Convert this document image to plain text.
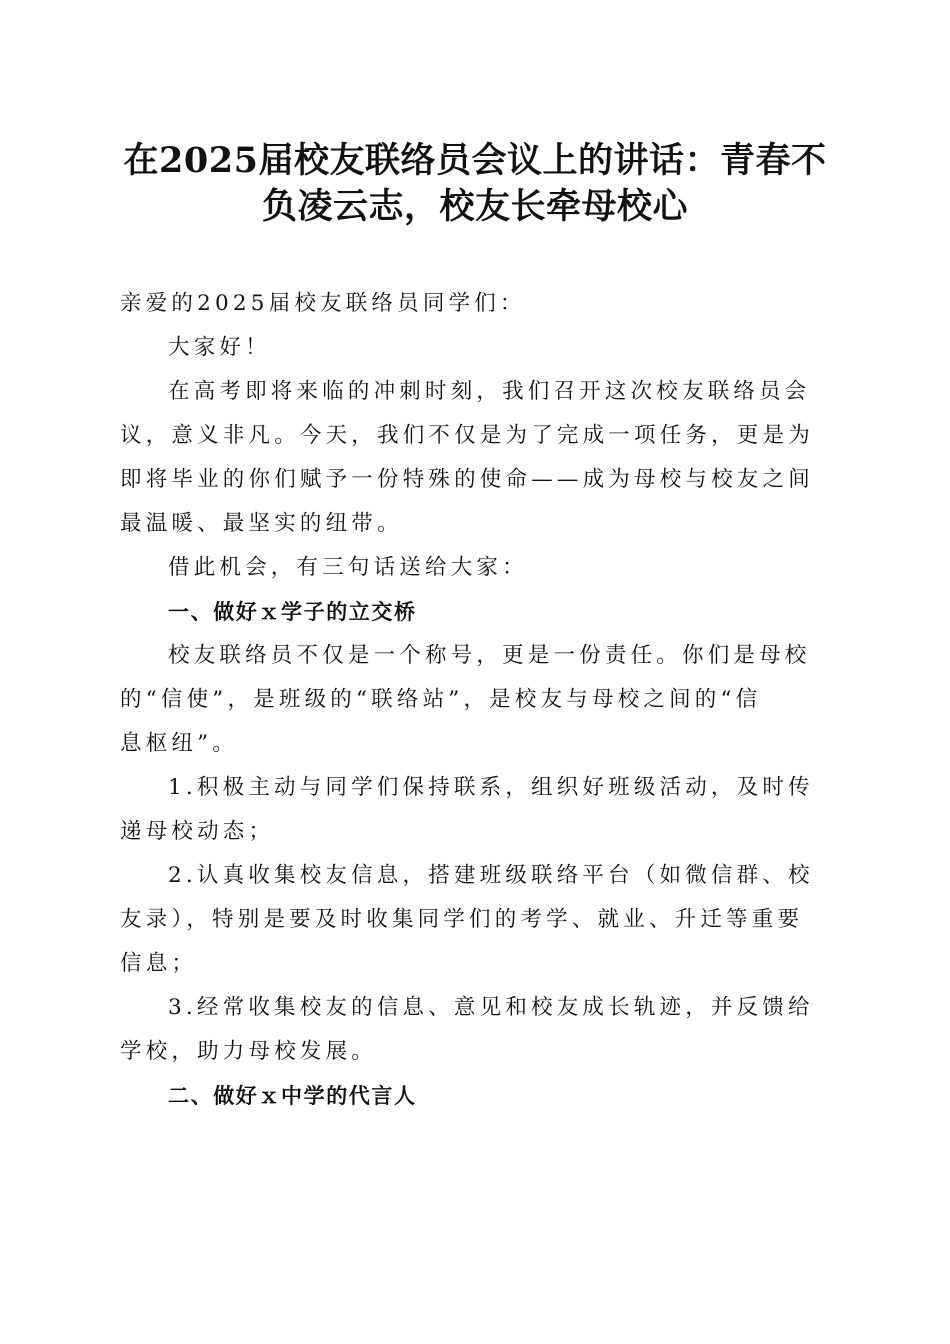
在2025届校友联络员会议上的讲话：青春不
负凌云志，校友长牵母校心

亲爱的2025届校友联络员同学们：

大家好！

在高考即将来临的冲刺时刻，我们召开这次校友联络员会
议，意义非凡。今天，我们不仅是为了完成一项任务，更是为
即将毕业的你们赋予一份特殊的使命——成为母校与校友之间
最温暖、最坚实的纽带。

借此机会，有三句话送给大家：

一、做好ｘ学子的立交桥

校友联络员不仅是一个称号，更是一份责任。你们是母校
的“信使”，是班级的“联络站”，是校友与母校之间的“信
息枢纽”。

1.积极主动与同学们保持联系，组织好班级活动，及时传
递母校动态；

2.认真收集校友信息，搭建班级联络平台（如微信群、校
友录），特别是要及时收集同学们的考学、就业、升迁等重要
信息；

3.经常收集校友的信息、意见和校友成长轨迹，并反馈给
学校，助力母校发展。

二、做好ｘ中学的代言人
